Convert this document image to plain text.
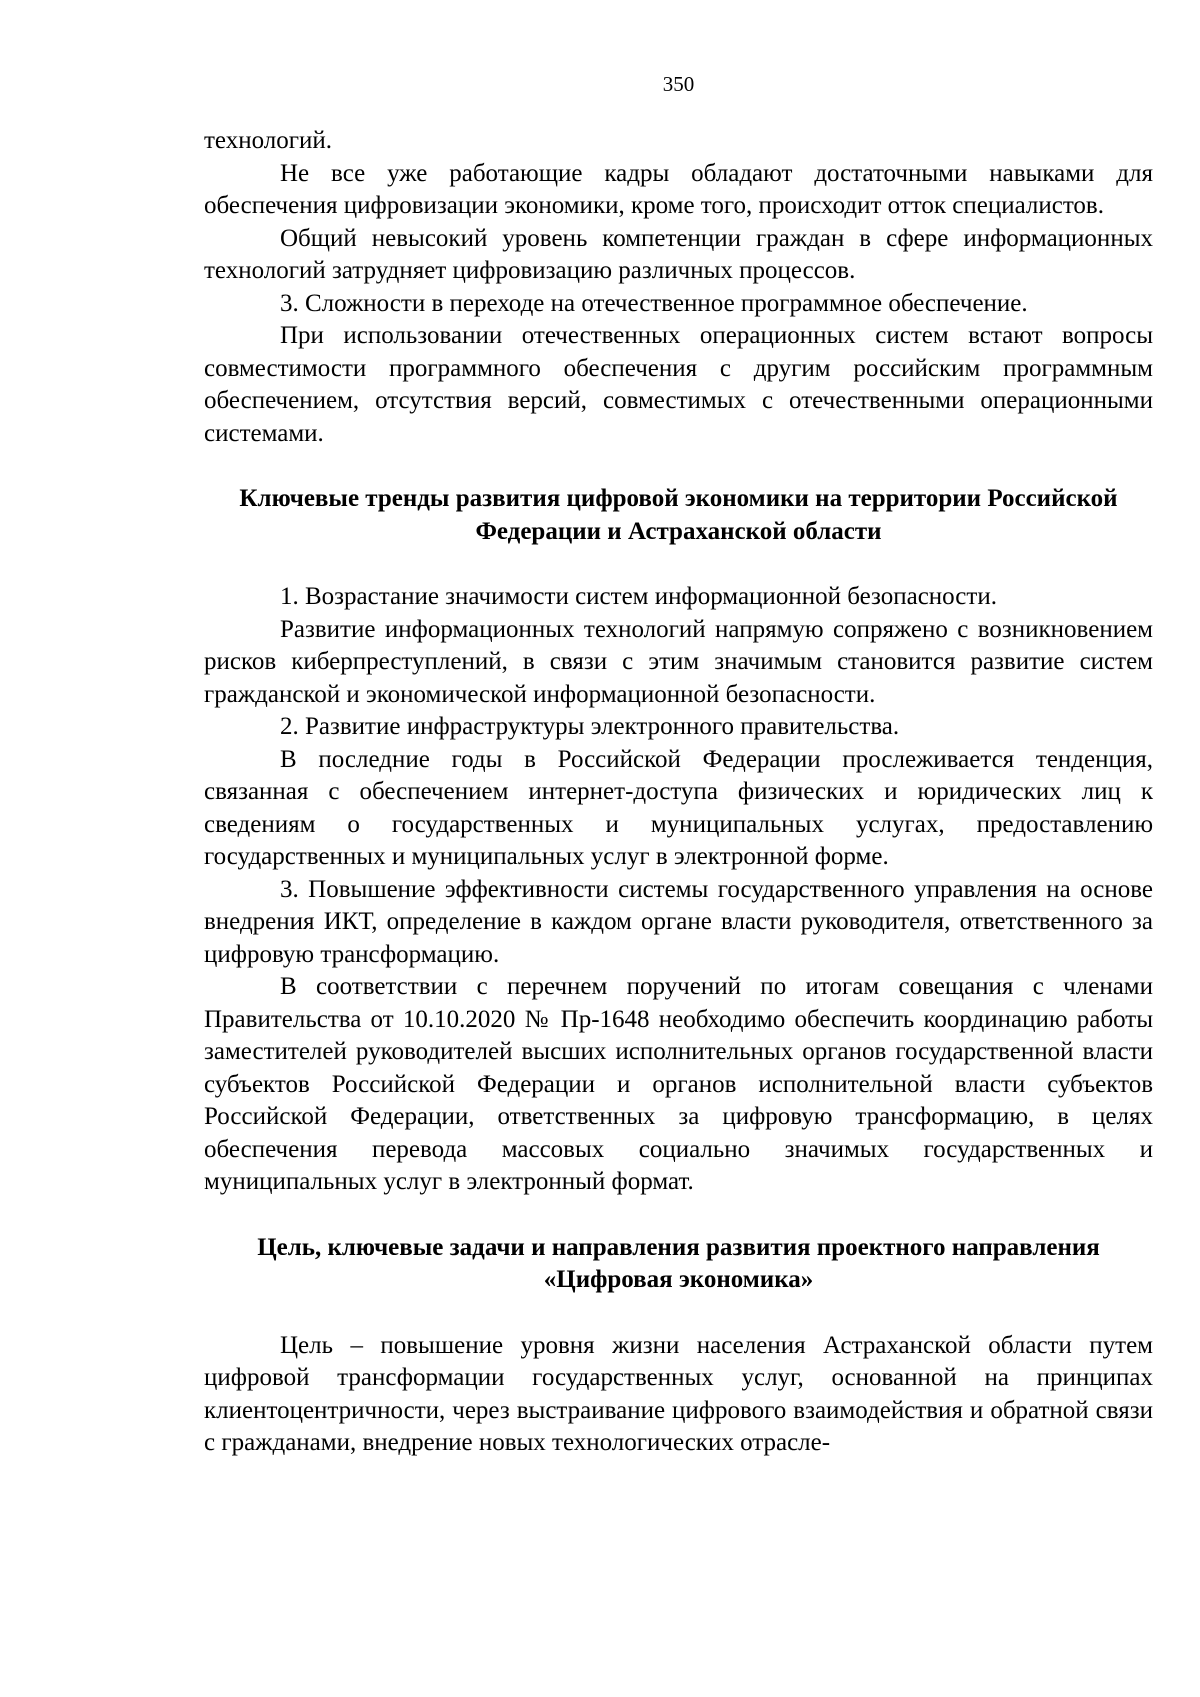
350

технологий.

Не все уже работающие кадры обладают достаточными навыками для обеспечения цифровизации экономики, кроме того, происходит отток специалистов.

Общий невысокий уровень компетенции граждан в сфере информационных технологий затрудняет цифровизацию различных процессов.

3. Сложности в переходе на отечественное программное обеспечение.

При использовании отечественных операционных систем встают вопросы совместимости программного обеспечения с другим российским программным обеспечением, отсутствия версий, совместимых с отечественными операционными системами.

Ключевые тренды развития цифровой экономики на территории Российской Федерации и Астраханской области

1. Возрастание значимости систем информационной безопасности.

Развитие информационных технологий напрямую сопряжено с возникновением рисков киберпреступлений, в связи с этим значимым становится развитие систем гражданской и экономической информационной безопасности.

2. Развитие инфраструктуры электронного правительства.

В последние годы в Российской Федерации прослеживается тенденция, связанная с обеспечением интернет-доступа физических и юридических лиц к сведениям о государственных и муниципальных услугах, предоставлению государственных и муниципальных услуг в электронной форме.

3. Повышение эффективности системы государственного управления на основе внедрения ИКТ, определение в каждом органе власти руководителя, ответственного за цифровую трансформацию.

В соответствии с перечнем поручений по итогам совещания с членами Правительства от 10.10.2020 № Пр-1648 необходимо обеспечить координацию работы заместителей руководителей высших исполнительных органов государственной власти субъектов Российской Федерации и органов исполнительной власти субъектов Российской Федерации, ответственных за цифровую трансформацию, в целях обеспечения перевода массовых социально значимых государственных и муниципальных услуг в электронный формат.

Цель, ключевые задачи и направления развития проектного направления
«Цифровая экономика»

Цель – повышение уровня жизни населения Астраханской области путем цифровой трансформации государственных услуг, основанной на принципах клиентоцентричности, через выстраивание цифрового взаимодействия и обратной связи с гражданами, внедрение новых технологических отрасле-
